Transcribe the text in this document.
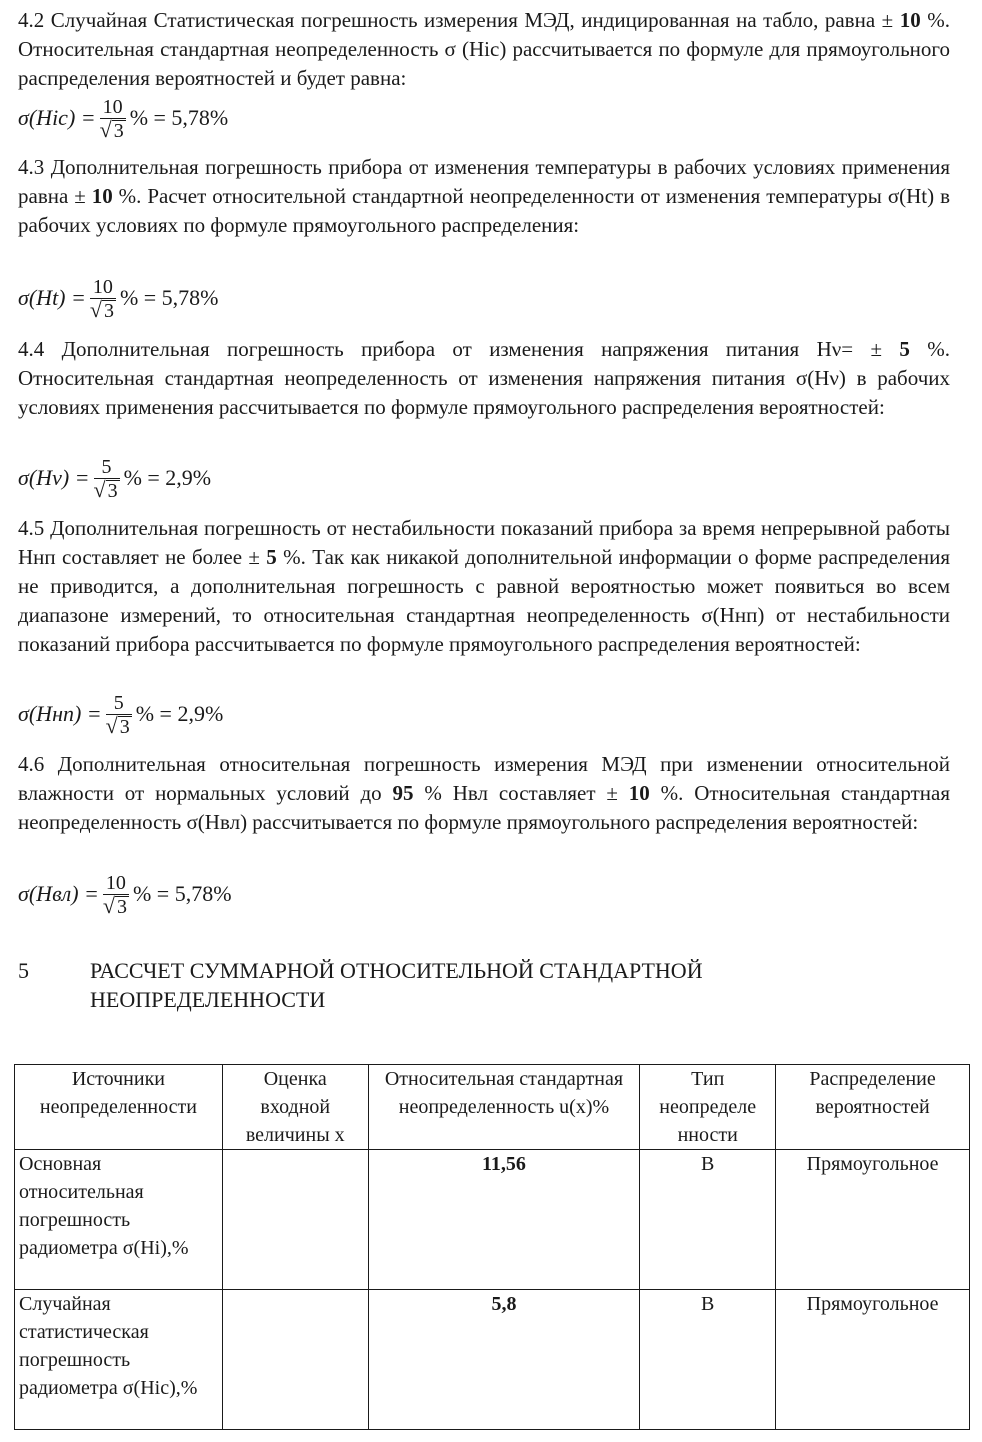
4.2 Случайная Статистическая погрешность измерения МЭД, индицированная на табло, равна ± 10 %. Относительная стандартная неопределенность σ (Hic) рассчитывается по формуле для прямоугольного распределения вероятностей и будет равна:

$\sigma(Hic) = \frac{10}{√ 3}$ % = 5,78%

4.3 Дополнительная погрешность прибора от изменения температуры в рабочих условиях применения равна ± 10 %. Расчет относительной стандартной неопределенности от изменения температуры σ(Ht) в рабочих условиях по формуле прямоугольного распределения:

$\sigma(Ht) = \frac{10}{√ 3}$ % = 5,78%

4.4 Дополнительная погрешность прибора от изменения напряжения питания Hν= ± 5 %. Относительная стандартная неопределенность от изменения напряжения питания σ(Hν) в рабочих условиях применения рассчитывается по формуле прямоугольного распределения вероятностей:

$\sigma(H\nu) = \frac{5}{√ 3}$ % = 2,9%

4.5 Дополнительная погрешность от нестабильности показаний прибора за время непрерывной работы Hнп составляет не более ± 5 %. Так как никакой дополнительной информации о форме распределения не приводится, а дополнительная погрешность с равной вероятностью может появиться во всем диапазоне измерений, то относительная стандартная неопределенность σ(Hнп) от нестабильности показаний прибора рассчитывается по формуле прямоугольного распределения вероятностей:

$\sigma(Hнп) = \frac{5}{√ 3}$ % = 2,9%

4.6 Дополнительная относительная погрешность измерения МЭД при изменении относительной влажности от нормальных условий до 95 % Hвл составляет ± 10 %. Относительная стандартная неопределенность σ(Hвл) рассчитывается по формуле прямоугольного распределения вероятностей:

$\sigma(Hвл) = \frac{10}{√ 3}$ % = 5,78%
5	РАССЧЕТ СУММАРНОЙ ОТНОСИТЕЛЬНОЙ СТАНДАРТНОЙ НЕОПРЕДЕЛЕННОСТИ
Источники неопределенности	Оценка входной величины x	Относительная стандартная неопределенность u(x)%	Тип неопределе нности	Распределение вероятностей
Основная относительная погрешность радиометра σ(Hi),%		11,56	B	Прямоугольное
Случайная статистическая погрешность радиометра σ(Hic),%		5,8	B	Прямоугольное
